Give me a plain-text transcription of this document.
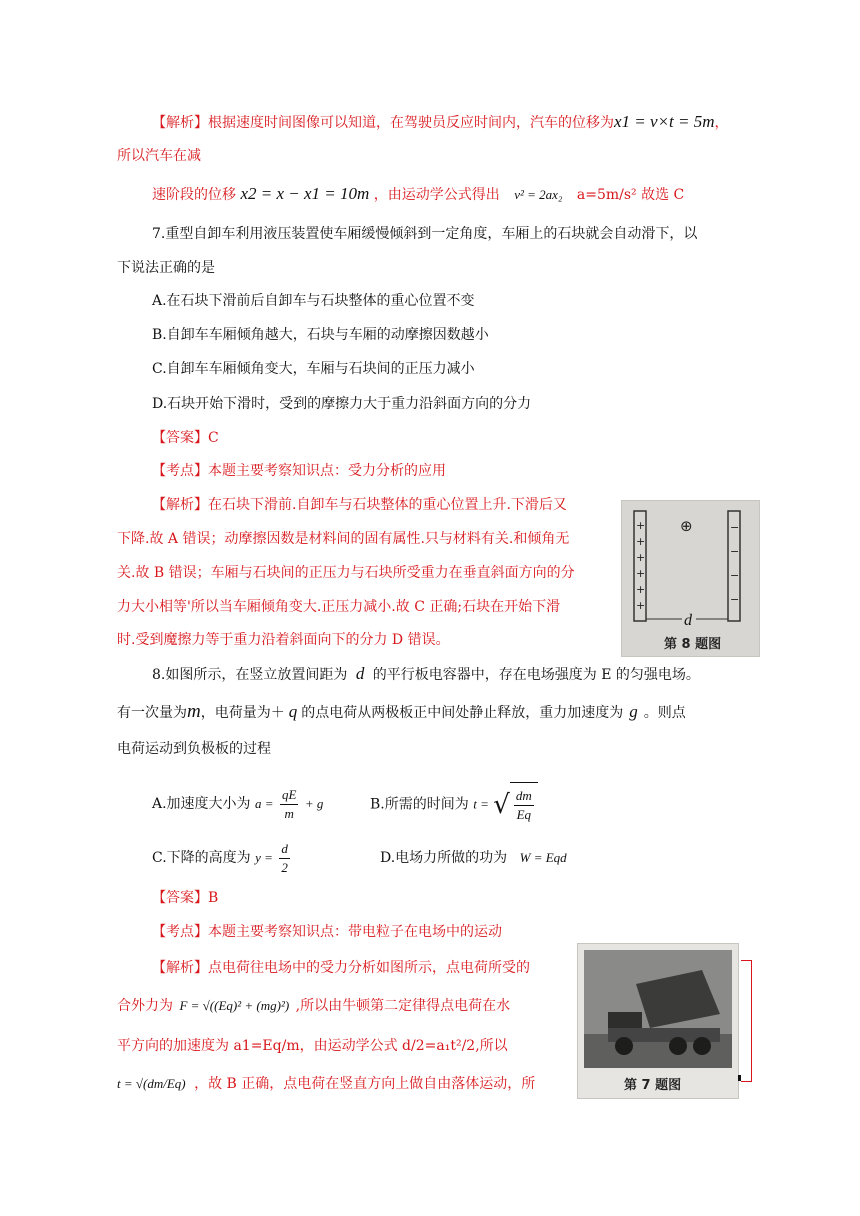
【解析】根据速度时间图像可以知道，在驾驶员反应时间内，汽车的位移为x1 = v×t = 5m，
所以汽车在减
速阶段的位移 x2 = x − x1 = 10m ，由运动学公式得出 v² = 2ax₂ a=5m/s² 故选 C
7.重型自卸车利用液压装置使车厢缓慢倾斜到一定角度，车厢上的石块就会自动滑下，以
下说法正确的是
A.在石块下滑前后自卸车与石块整体的重心位置不变
B.自卸车车厢倾角越大，石块与车厢的动摩擦因数越小
C.自卸车车厢倾角变大，车厢与石块间的正压力减小
D.石块开始下滑时，受到的摩擦力大于重力沿斜面方向的分力
【答案】C
【考点】本题主要考察知识点：受力分析的应用
【解析】在石块下滑前.自卸车与石块整体的重心位置上升.下滑后又
下降.故 A 错误；动摩擦因数是材料间的固有属性.只与材料有关.和倾角无
关.故 B 错误；车厢与石块间的正压力与石块所受重力在垂直斜面方向的分
力大小相等'所以当车厢倾角变大.正压力减小.故 C 正确;石块在开始下滑
时.受到魔擦力等于重力沿着斜面向下的分力 D 错误。
+
+
+
+
+
+
−
−
−
−
⊕
d
第 8 题图
8.如图所示，在竖立放置间距为 d 的平行板电容器中，存在电场强度为 E 的匀强电场。
有一次量为m，电荷量为＋ q 的点电荷从两极板正中间处静止释放，重力加速度为 g 。则点
电荷运动到负极板的过程
A.加速度大小为 $a = \frac{qE}{m} + g$	B.所需的时间为 t = √ $\frac{dm}{Eq}$
C.下降的高度为 $y = \frac{d}{2}$	D.电场力所做的功为 W = Eqd
【答案】B
【考点】本题主要考察知识点：带电粒子在电场中的运动
【解析】点电荷往电场中的受力分析如图所示，点电荷所受的
合外力为 F = √((Eq)² + (mg)²) ,所以由牛顿第二定律得点电荷在水
平方向的加速度为 a1=Eq/m，由运动学公式 d/2=a₁t²/2,所以
t = √(dm/Eq) ，故 B 正确，点电荷在竖直方向上做自由落体运动，所	第 7 题图
